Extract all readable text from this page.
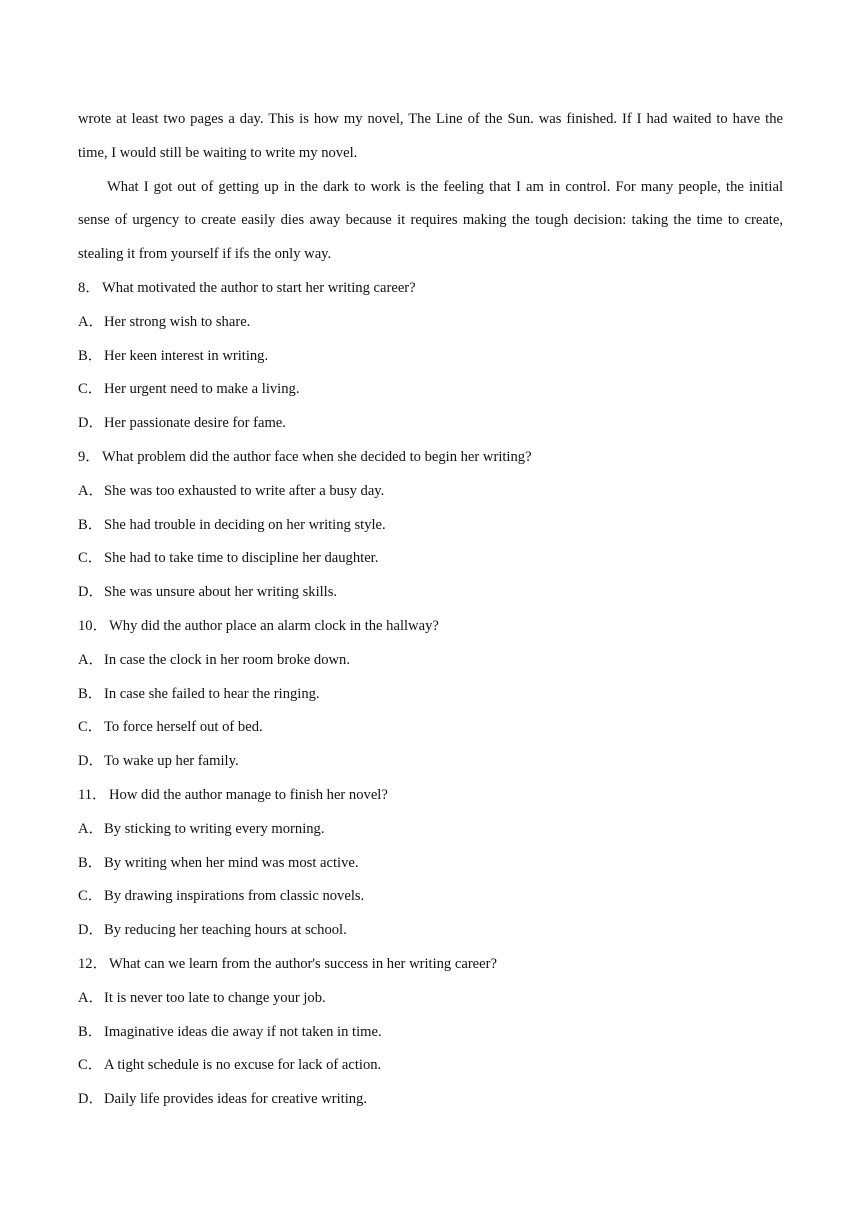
wrote at least two pages a day. This is how my novel, The Line of the Sun. was finished. If I had waited to have the time, I would still be waiting to write my novel.

What I got out of getting up in the dark to work is the feeling that I am in control. For many people, the initial sense of urgency to create easily dies away because it requires making the tough decision: taking the time to create, stealing it from yourself if ifs the only way.

8． What motivated the author to start her writing career?

A．Her strong wish to share.

B． Her keen interest in writing.

C． Her urgent need to make a living.

D．Her passionate desire for fame.

9． What problem did the author face when she decided to begin her writing?

A．She was too exhausted to write after a busy day.

B． She had trouble in deciding on her writing style.

C． She had to take time to discipline her daughter.

D．She was unsure about her writing skills.

10． Why did the author place an alarm clock in the hallway?

A．In case the clock in her room broke down.

B． In case she failed to hear the ringing.

C． To force herself out of bed.

D．To wake up her family.

11． How did the author manage to finish her novel?

A．By sticking to writing every morning.

B． By writing when her mind was most active.

C． By drawing inspirations from classic novels.

D．By reducing her teaching hours at school.

12． What can we learn from the author's success in her writing career?

A．It is never too late to change your job.

B． Imaginative ideas die away if not taken in time.

C． A tight schedule is no excuse for lack of action.

D．Daily life provides ideas for creative writing.
